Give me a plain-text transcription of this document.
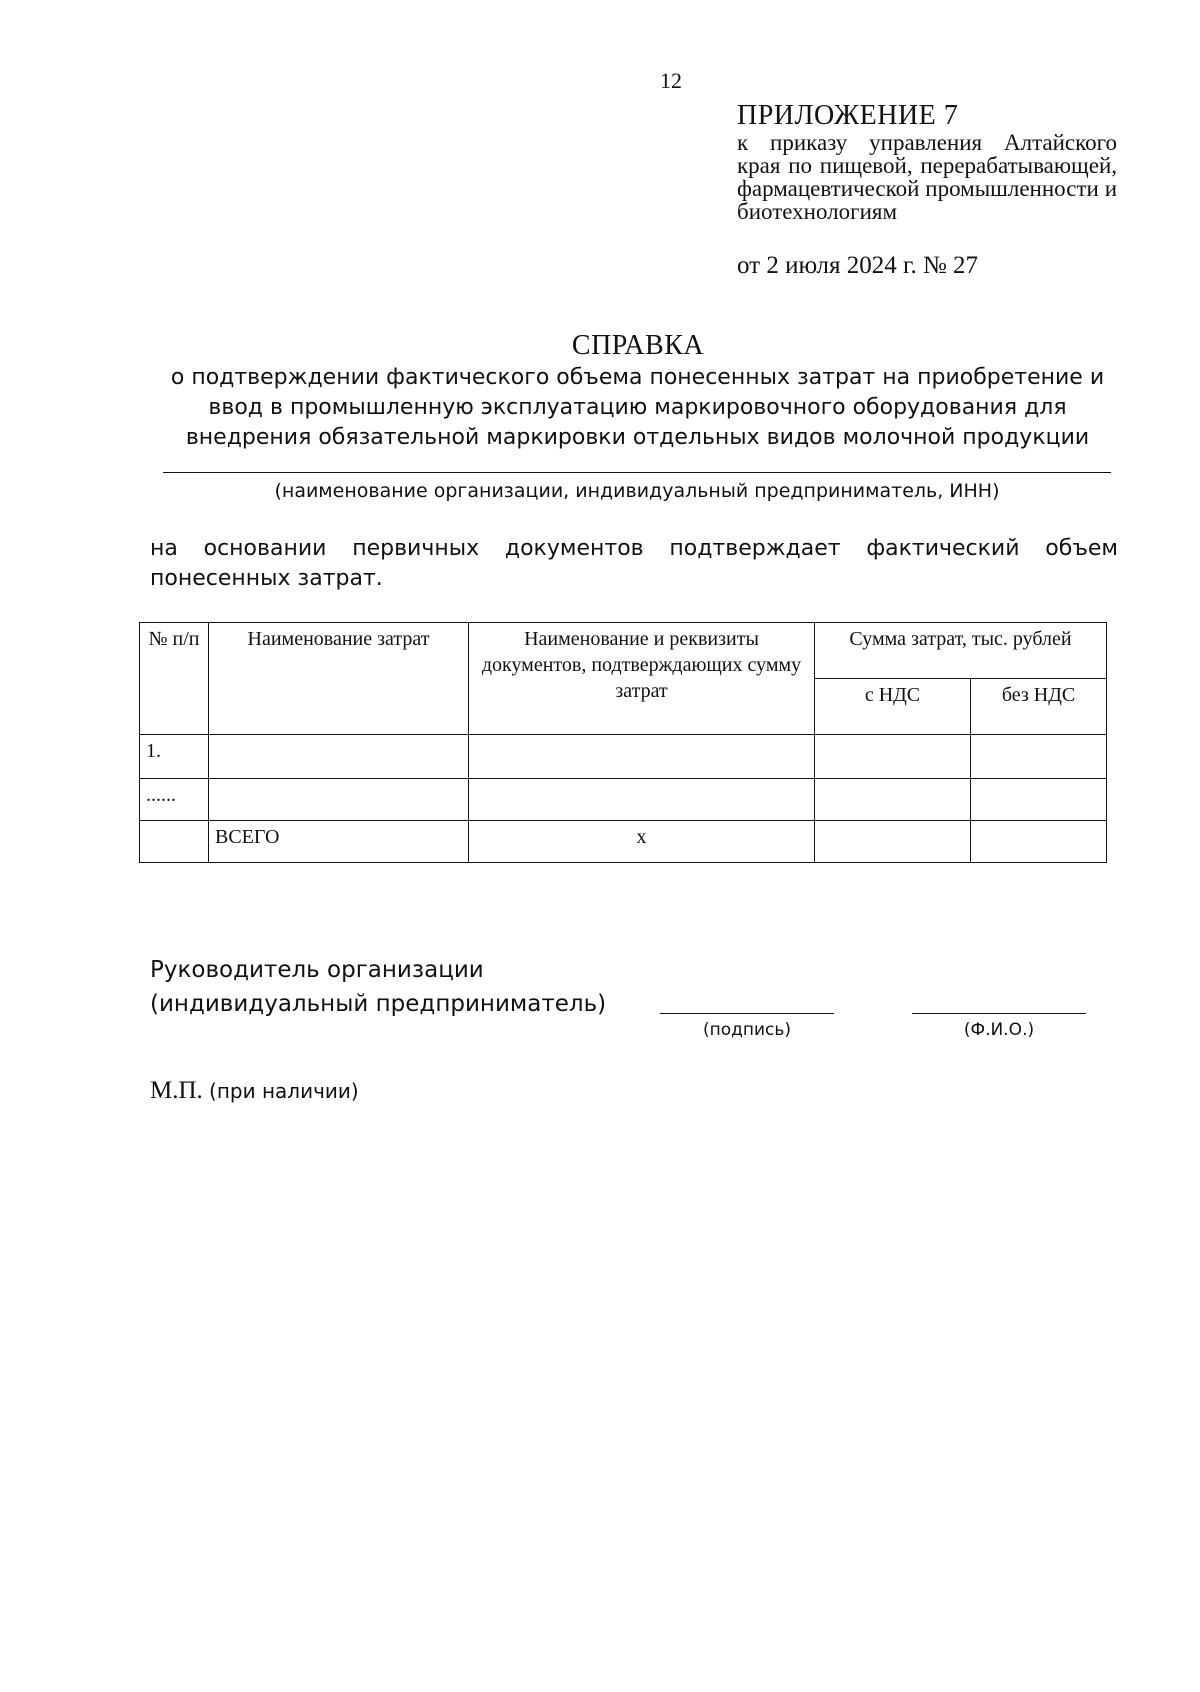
12
ПРИЛОЖЕНИЕ 7
к приказу управления Алтайского края по пищевой, перерабатывающей, фармацевтической промышленности и биотехнологиям
от 2 июля 2024 г. № 27
СПРАВКА
о подтверждении фактического объема понесенных затрат на приобретение и ввод в промышленную эксплуатацию маркировочного оборудования для внедрения обязательной маркировки отдельных видов молочной продукции
(наименование организации, индивидуальный предприниматель, ИНН)
на основании первичных документов подтверждает фактический объем понесенных затрат.
№ п/п	Наименование затрат	Наименование и реквизиты документов, подтверждающих сумму затрат	Сумма затрат, тыс. рублей	
			с НДС	без НДС
1.				
......				
	ВСЕГО	х		
Руководитель организации
(индивидуальный предприниматель)
(подпись)	(Ф.И.О.)
М.П. (при наличии)
